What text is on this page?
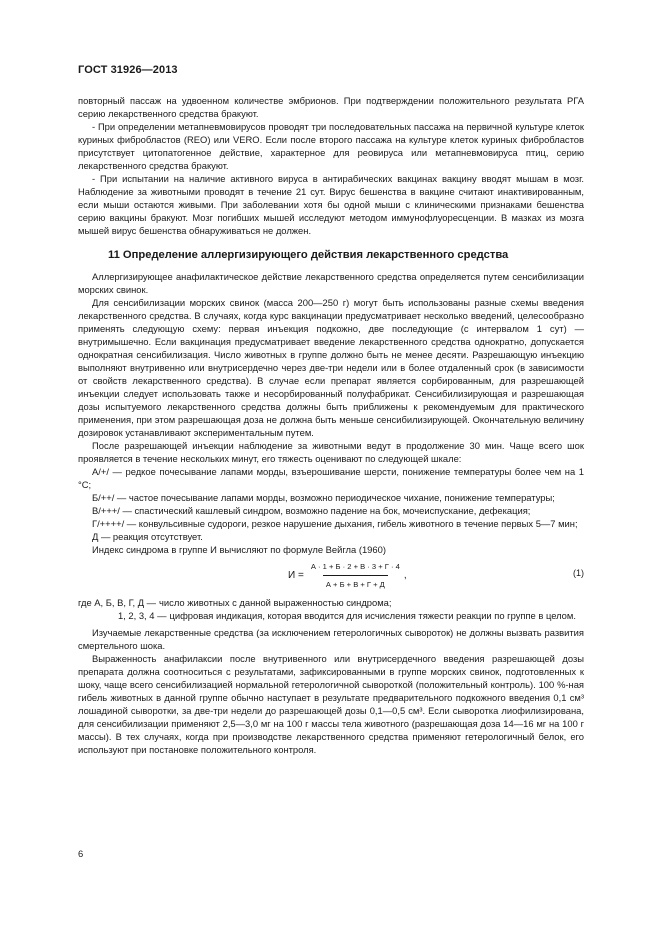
ГОСТ 31926—2013

повторный пассаж на удвоенном количестве эмбрионов. При подтверждении положительного результата РГА серию лекарственного средства бракуют.

- При определении метапневмовирусов проводят три последовательных пассажа на первичной культуре клеток куриных фибробластов (REO) или VERO. Если после второго пассажа на культуре клеток куриных фибробластов присутствует цитопатогенное действие, характерное для реовируса или метапневмовируса птиц, серию лекарственного средства бракуют.

- При испытании на наличие активного вируса в антирабических вакцинах вакцину вводят мышам в мозг. Наблюдение за животными проводят в течение 21 сут. Вирус бешенства в вакцине считают инактивированным, если мыши остаются живыми. При заболевании хотя бы одной мыши с клиническими признаками бешенства серию вакцины бракуют. Мозг погибших мышей исследуют методом иммунофлуоресценции. В мазках из мозга мышей вирус бешенства обнаруживаться не должен.

11 Определение аллергизирующего действия лекарственного средства

Аллергизирующее анафилактическое действие лекарственного средства определяется путем сенсибилизации морских свинок.

Для сенсибилизации морских свинок (масса 200—250 г) могут быть использованы разные схемы введения лекарственного средства. В случаях, когда курс вакцинации предусматривает несколько введений, целесообразно применять следующую схему: первая инъекция подкожно, две последующие (с интервалом 1 сут) — внутримышечно. Если вакцинация предусматривает введение лекарственного средства однократно, допускается однократная сенсибилизация. Число животных в группе должно быть не менее десяти. Разрешающую инъекцию выполняют внутривенно или внутрисердечно через две-три недели или в более отдаленный срок (в зависимости от свойств лекарственного средства). В случае если препарат является сорбированным, для разрешающей инъекции следует использовать также и несорбированный полуфабрикат. Сенсибилизирующая и разрешающая дозы испытуемого лекарственного средства должны быть приближены к рекомендуемым для практического применения, при этом разрешающая доза не должна быть меньше сенсибилизирующей. Окончательную величину дозировок устанавливают экспериментальным путем.

После разрешающей инъекции наблюдение за животными ведут в продолжение 30 мин. Чаще всего шок проявляется в течение нескольких минут, его тяжесть оценивают по следующей шкале:

А/+/ — редкое почесывание лапами морды, взъерошивание шерсти, понижение температуры более чем на 1 °С;

Б/++/ — частое почесывание лапами морды, возможно периодическое чихание, понижение температуры;

В/+++/ — спастический кашлевый синдром, возможно падение на бок, мочеиспускание, дефекация;

Г/++++/ — конвульсивные судороги, резкое нарушение дыхания, гибель животного в течение первых 5—7 мин;

Д — реакция отсутствует.

Индекс синдрома в группе И вычисляют по формуле Вейгла (1960)

$И = \frac{А \cdot 1 + Б \cdot 2 + В \cdot 3 + Г \cdot 4}{А + Б + В + Г + Д}$ ,	(1)
где А, Б, В, Г, Д — число животных с данной выраженностью синдрома;
1, 2, 3, 4 — цифровая индикация, которая вводится для исчисления тяжести реакции по группе в целом.

Изучаемые лекарственные средства (за исключением гетерологичных сывороток) не должны вызвать развития смертельного шока.

Выраженность анафилаксии после внутривенного или внутрисердечного введения разрешающей дозы препарата должна соотноситься с результатами, зафиксированными в группе морских свинок, подготовленных к шоку, чаще всего сенсибилизацией нормальной гетерологичной сывороткой (положительный контроль). 100 %-ная гибель животных в данной группе обычно наступает в результате предварительного подкожного введения 0,1 см³ лошадиной сыворотки, за две-три недели до разрешающей дозы 0,1—0,5 см³. Если сыворотка лиофилизирована, для сенсибилизации применяют 2,5—3,0 мг на 100 г массы тела животного (разрешающая доза 14—16 мг на 100 г массы). В тех случаях, когда при производстве лекарственного средства применяют гетерологичный белок, его используют при постановке положительного контроля.

6
